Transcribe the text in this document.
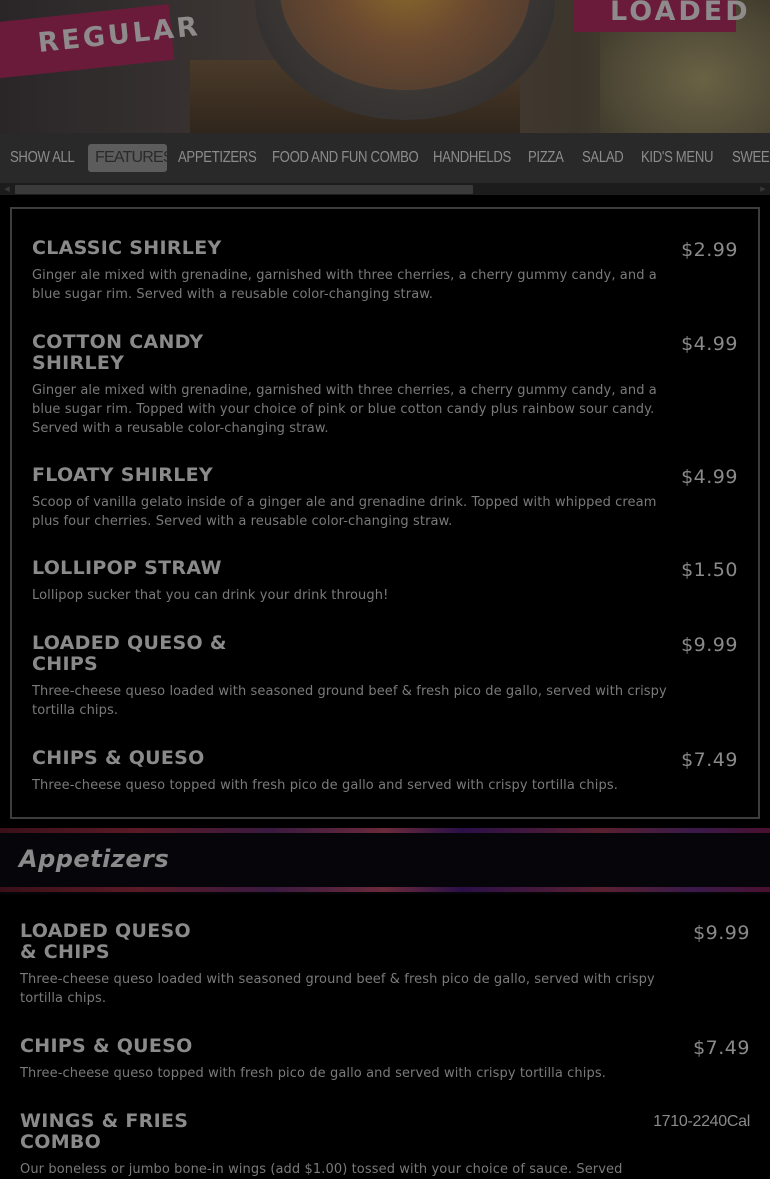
REGULAR	LOADED
SHOW ALL	FEATURES APPETIZERS FOOD AND FUN COMBO HANDHELDS PIZZA SALAD KID'S MENU SWEE
◀	▶
CLASSIC SHIRLEY	$2.99
Ginger ale mixed with grenadine, garnished with three cherries, a cherry gummy candy, and a blue sugar rim. Served with a reusable color-changing straw.
COTTON CANDY SHIRLEY
$4.99
Ginger ale mixed with grenadine, garnished with three cherries, a cherry gummy candy, and a blue sugar rim. Topped with your choice of pink or blue cotton candy plus rainbow sour candy. Served with a reusable color-changing straw.
FLOATY SHIRLEY	$4.99
Scoop of vanilla gelato inside of a ginger ale and grenadine drink. Topped with whipped cream plus four cherries. Served with a reusable color-changing straw.
LOLLIPOP STRAW	$1.50
Lollipop sucker that you can drink your drink through!
LOADED QUESO & CHIPS
$9.99
Three-cheese queso loaded with seasoned ground beef & fresh pico de gallo, served with crispy tortilla chips.
CHIPS & QUESO	$7.49
Three-cheese queso topped with fresh pico de gallo and served with crispy tortilla chips.
Appetizers
LOADED QUESO & CHIPS
$9.99
Three-cheese queso loaded with seasoned ground beef & fresh pico de gallo, served with crispy tortilla chips.
CHIPS & QUESO	$7.49
Three-cheese queso topped with fresh pico de gallo and served with crispy tortilla chips.
WINGS & FRIES COMBO
1710-2240Cal
Our boneless or jumbo bone-in wings (add $1.00) tossed with your choice of sauce. Served
